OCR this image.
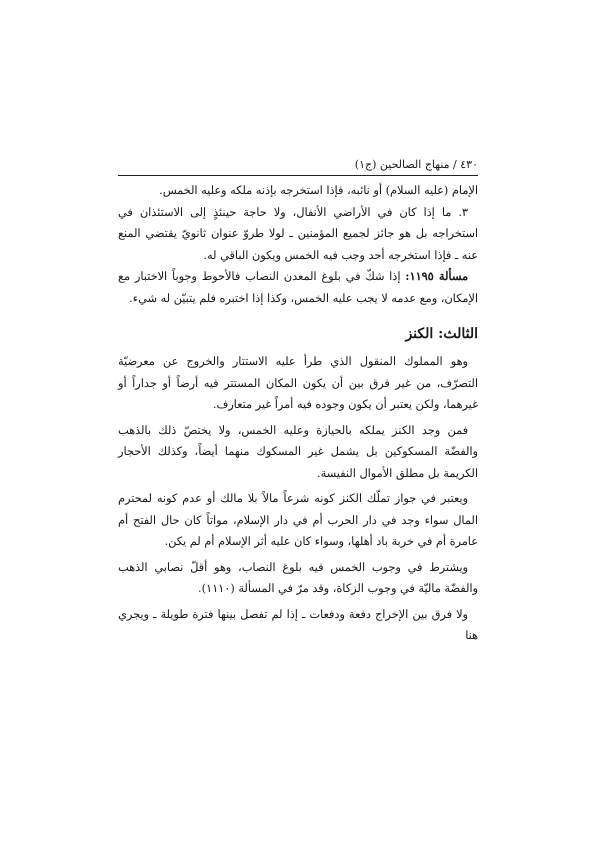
٤٣٠ / منهاج الصالحين (ج١)

الإمام (عليه السلام) أو نائبه، فإذا استخرجه بإذنه ملكه وعليه الخمس.

٣. ما إذا كان في الأراضي الأنفال، ولا حاجة حينئذٍ إلى الاستئذان في استخراجه بل هو جائز لجميع المؤمنين ـ لولا طروّ عنوان ثانويّ يقتضي المنع عنه ـ فإذا استخرجه أحد وجب فيه الخمس ويكون الباقي له.

مسألة ١١٩٥: إذا شكّ في بلوغ المعدن النصاب فالأحوط وجوباً الاختبار مع الإمكان، ومع عدمه لا يجب عليه الخمس، وكذا إذا اختبره فلم يتبيّن له شيء.

الثالث: الكنز

وهو المملوك المنقول الذي طرأ عليه الاستتار والخروج عن معرضيّة التصرّف، من غير فرق بين أن يكون المكان المستتر فيه أرضاً أو جداراً أو غيرهما، ولكن يعتبر أن يكون وجوده فيه أمراً غير متعارف.

فمن وجد الكنز يملكه بالحيازة وعليه الخمس، ولا يختصّ ذلك بالذهب والفضّة المسكوكين بل يشمل غير المسكوك منهما أيضاً، وكذلك الأحجار الكريمة بل مطلق الأموال النفيسة.

ويعتبر في جواز تملّك الكنز كونه شرعاً مالاً بلا مالك أو عدم كونه لمحترم المال سواء وجد في دار الحرب أم في دار الإسلام، مواتاً كان حال الفتح أم عامرة أم في خربة باد أهلها، وسواء كان عليه أثر الإسلام أم لم يكن.

ويشترط في وجوب الخمس فيه بلوغ النصاب، وهو أقلّ نصابي الذهب والفضّة ماليّة في وجوب الزكاة، وقد مرّ في المسألة (١١١٠).

ولا فرق بين الإخراج دفعة ودفعات ـ إذا لم تفصل بينها فترة طويلة ـ ويجري هنا
